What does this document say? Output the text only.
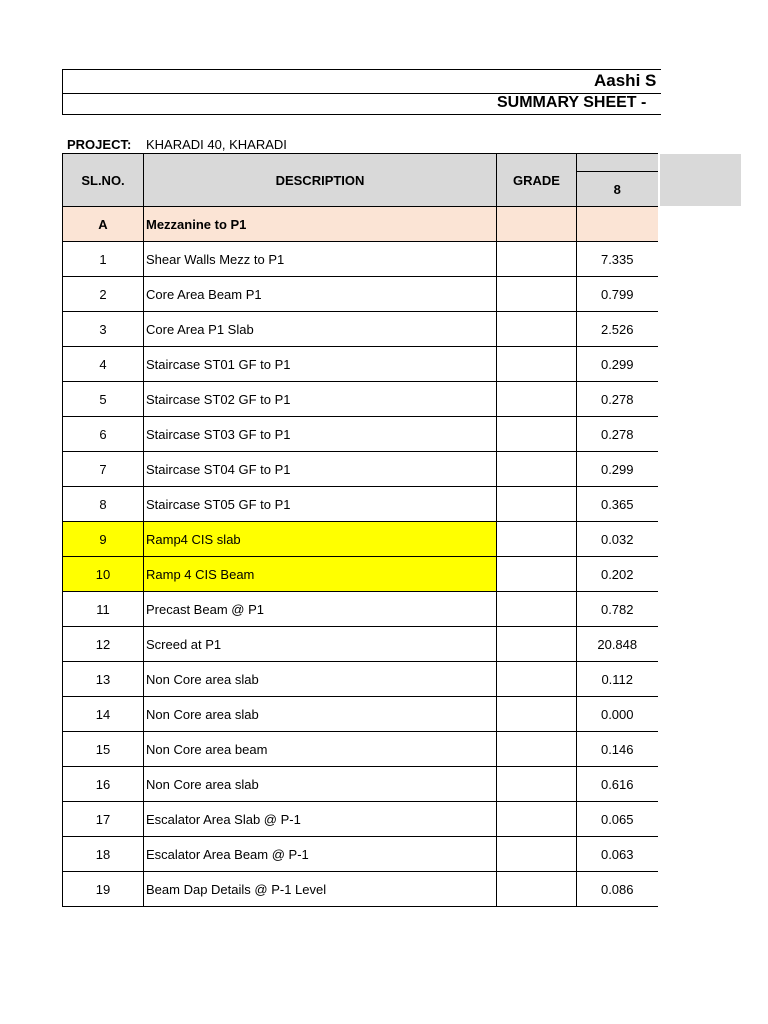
Aashi S
SUMMARY SHEET -
PROJECT: KHARADI 40, KHARADI
SL.NO.	DESCRIPTION	GRADE	
			8
A	Mezzanine to P1		
1	Shear Walls Mezz to P1		7.335
2	Core Area Beam P1		0.799
3	Core Area P1 Slab		2.526
4	Staircase ST01 GF to P1		0.299
5	Staircase ST02 GF to P1		0.278
6	Staircase ST03 GF to P1		0.278
7	Staircase ST04 GF to P1		0.299
8	Staircase ST05 GF to P1		0.365
9	Ramp4 CIS slab		0.032
10	Ramp 4 CIS Beam		0.202
11	Precast Beam @ P1		0.782
12	Screed at P1		20.848
13	Non Core area slab		0.112
14	Non Core area slab		0.000
15	Non Core area beam		0.146
16	Non Core area slab		0.616
17	Escalator Area Slab @ P-1		0.065
18	Escalator Area Beam @ P-1		0.063
19	Beam Dap Details @ P-1 Level		0.086
